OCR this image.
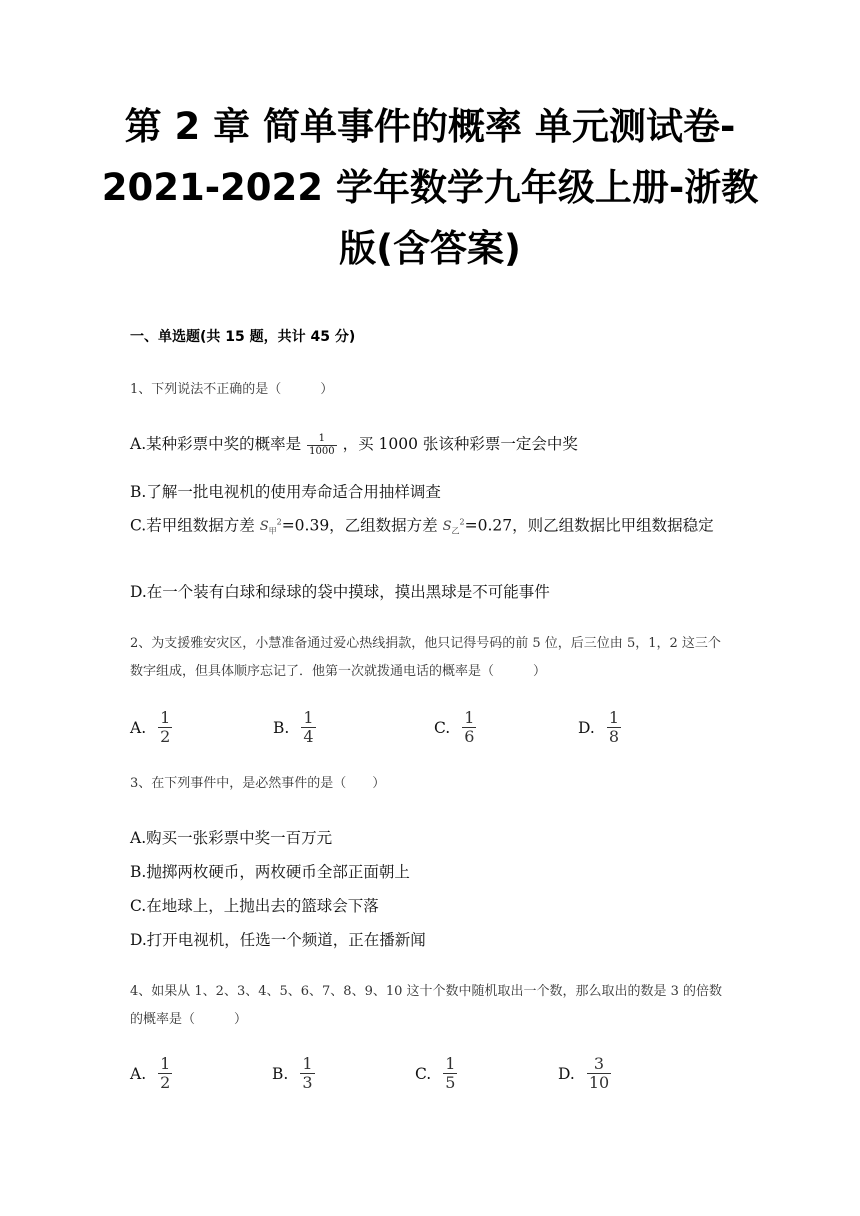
第 2 章 简单事件的概率 单元测试卷-
2021-2022 学年数学九年级上册-浙教
版(含答案)
一、单选题(共 15 题，共计 45 分)
1、下列说法不正确的是（　　　）
A.某种彩票中奖的概率是 $\frac{1}{1000}$ ，买 1000 张该种彩票一定会中奖
B.了解一批电视机的使用寿命适合用抽样调查
C.若甲组数据方差 $S_甲^2=0.39$，乙组数据方差 $S_乙^2=0.27$，则乙组数据比甲组数据稳定
D.在一个装有白球和绿球的袋中摸球，摸出黑球是不可能事件
2、为支援雅安灾区，小慧准备通过爱心热线捐款，他只记得号码的前 5 位，后三位由 5，1，2 这三个数字组成，但具体顺序忘记了．他第一次就拨通电话的概率是（　　　）
A. $\frac{1}{2}$	B. $\frac{1}{4}$	C. $\frac{1}{6}$	D. $\frac{1}{8}$
3、在下列事件中，是必然事件的是（　　）
A.购买一张彩票中奖一百万元
B.抛掷两枚硬币，两枚硬币全部正面朝上
C.在地球上，上抛出去的篮球会下落
D.打开电视机，任选一个频道，正在播新闻
4、如果从 1、2、3、4、5、6、7、8、9、10 这十个数中随机取出一个数，那么取出的数是 3 的倍数的概率是（　　　）
A. $\frac{1}{2}$	B. $\frac{1}{3}$	C. $\frac{1}{5}$	D. $\frac{3}{10}$
